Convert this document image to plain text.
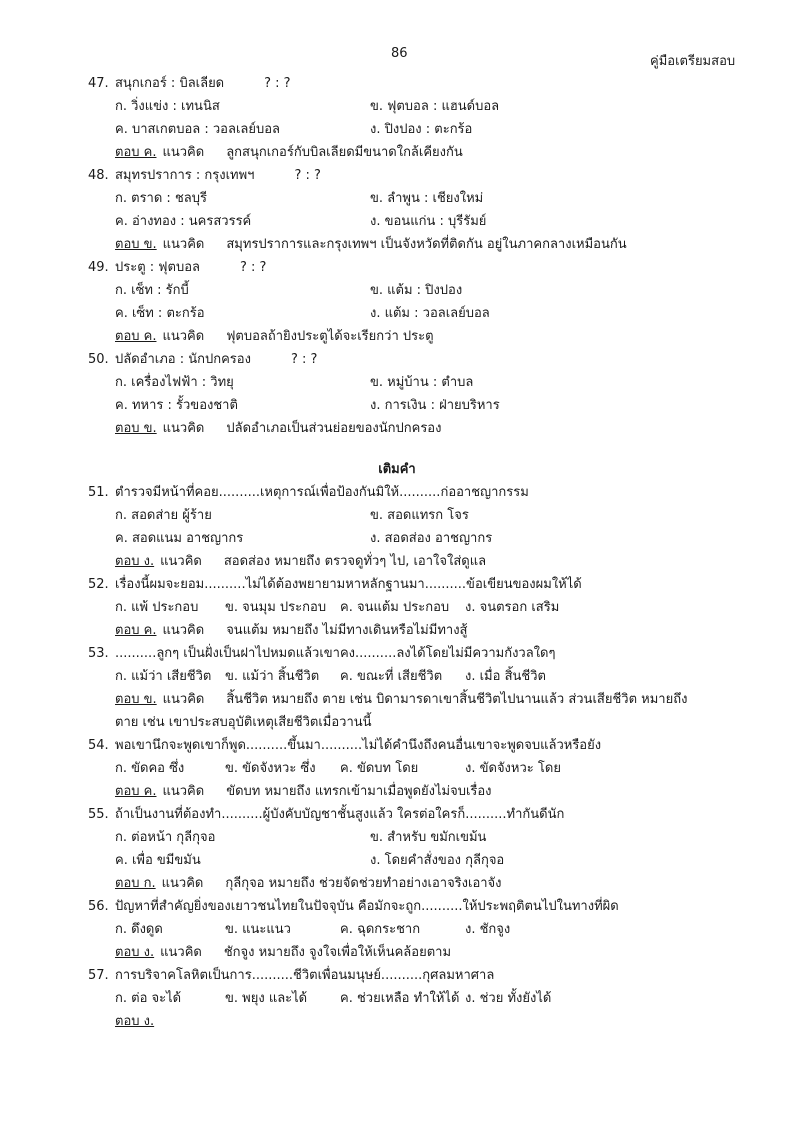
86
คู่มือเตรียมสอบ
47. สนุกเกอร์ : บิลเลียด	? : ?
ก. วิ่งแข่ง : เทนนิส	ข. ฟุตบอล : แฮนด์บอล
ค. บาสเกตบอล : วอลเลย์บอล	ง. ปิงปอง : ตะกร้อ
ตอบ ค. แนวคิด ลูกสนุกเกอร์กับบิลเลียดมีขนาดใกล้เคียงกัน
48. สมุทรปราการ : กรุงเทพฯ	? : ?
ก. ตราด : ชลบุรี	ข. ลำพูน : เชียงใหม่
ค. อ่างทอง : นครสวรรค์	ง. ขอนแก่น : บุรีรัมย์
ตอบ ข. แนวคิด สมุทรปราการและกรุงเทพฯ เป็นจังหวัดที่ติดกัน อยู่ในภาคกลางเหมือนกัน
49. ประตู : ฟุตบอล	? : ?
ก. เซ็ท : รักบี้	ข. แต้ม : ปิงปอง
ค. เซ็ท : ตะกร้อ	ง. แต้ม : วอลเลย์บอล
ตอบ ค. แนวคิด ฟุตบอลถ้ายิงประตูได้จะเรียกว่า ประตู
50. ปลัดอำเภอ : นักปกครอง	? : ?
ก. เครื่องไฟฟ้า : วิทยุ	ข. หมู่บ้าน : ตำบล
ค. ทหาร : รั้วของชาติ	ง. การเงิน : ฝ่ายบริหาร
ตอบ ข. แนวคิด ปลัดอำเภอเป็นส่วนย่อยของนักปกครอง
เติมคำ
51. ตำรวจมีหน้าที่คอย..........เหตุการณ์เพื่อป้องกันมิให้..........ก่ออาชญากรรม
ก. สอดส่าย ผู้ร้าย	ข. สอดแทรก โจร
ค. สอดแนม อาชญากร	ง. สอดส่อง อาชญากร
ตอบ ง. แนวคิด สอดส่อง หมายถึง ตรวจดูทั่วๆ ไป, เอาใจใส่ดูแล
52. เรื่องนี้ผมจะยอม..........ไม่ได้ต้องพยายามหาหลักฐานมา..........ข้อเขียนของผมให้ได้
ก. แพ้ ประกอบ ข. จนมุม ประกอบ ค. จนแต้ม ประกอบ ง. จนตรอก เสริม
ตอบ ค. แนวคิด จนแต้ม หมายถึง ไม่มีทางเดินหรือไม่มีทางสู้
53. ..........ลูกๆ เป็นฝั่งเป็นฝาไปหมดแล้วเขาคง..........ลงได้โดยไม่มีความกังวลใดๆ
ก. แม้ว่า เสียชีวิต ข. แม้ว่า สิ้นชีวิต ค. ขณะที่ เสียชีวิต ง. เมื่อ สิ้นชีวิต
ตอบ ข. แนวคิด สิ้นชีวิต หมายถึง ตาย เช่น บิดามารดาเขาสิ้นชีวิตไปนานแล้ว ส่วนเสียชีวิต หมายถึง
ตาย เช่น เขาประสบอุบัติเหตุเสียชีวิตเมื่อวานนี้
54. พอเขานึกจะพูดเขาก็พูด..........ขึ้นมา..........ไม่ได้คำนึงถึงคนอื่นเขาจะพูดจบแล้วหรือยัง
ก. ขัดคอ ซึ่ง	ข. ขัดจังหวะ ซึ่ง ค. ขัดบท โดย	ง. ขัดจังหวะ โดย
ตอบ ค. แนวคิด ขัดบท หมายถึง แทรกเข้ามาเมื่อพูดยังไม่จบเรื่อง
55. ถ้าเป็นงานที่ต้องทำ..........ผู้บังคับบัญชาชั้นสูงแล้ว ใครต่อใครก็..........ทำกันดีนัก
ก. ต่อหน้า กุลีกุจอ	ข. สำหรับ ขมักเขม้น
ค. เพื่อ ขมีขมัน	ง. โดยคำสั่งของ กุลีกุจอ
ตอบ ก. แนวคิด กุลีกุจอ หมายถึง ช่วยจัดช่วยทำอย่างเอาจริงเอาจัง
56. ปัญหาที่สำคัญยิ่งของเยาวชนไทยในปัจจุบัน คือมักจะถูก..........ให้ประพฤติตนไปในทางที่ผิด
ก. ดึงดูด	ข. แนะแนว	ค. ฉุดกระชาก	ง. ชักจูง
ตอบ ง. แนวคิด ชักจูง หมายถึง จูงใจเพื่อให้เห็นคล้อยตาม
57. การบริจาคโลหิตเป็นการ..........ชีวิตเพื่อนมนุษย์..........กุศลมหาศาล
ก. ต่อ จะได้	ข. พยุง และได้	ค. ช่วยเหลือ ทำให้ได้ ง. ช่วย ทั้งยังได้
ตอบ ง.
